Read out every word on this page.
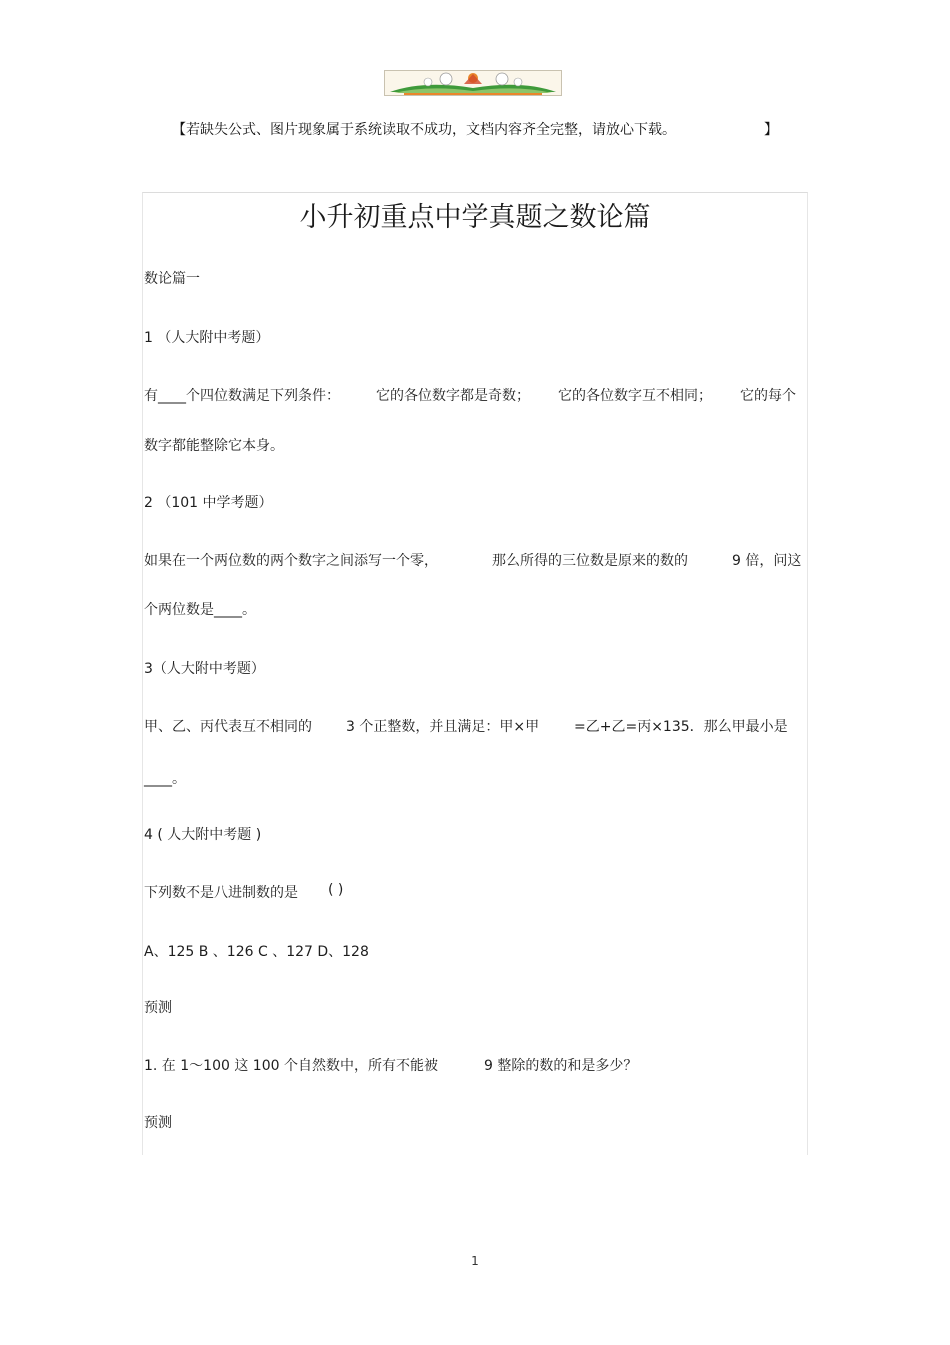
【若缺失公式、图片现象属于系统读取不成功，文档内容齐全完整，请放心下载。	】
小升初重点中学真题之数论篇
数论篇一
1 （人大附中考题）
有____个四位数满足下列条件：	它的各位数字都是奇数； 它的各位数字互不相同； 它的每个
数字都能整除它本身。
2 （101 中学考题）
如果在一个两位数的两个数字之间添写一个零，	那么所得的三位数是原来的数的	9 倍，问这
个两位数是____。
3（人大附中考题）
甲、乙、丙代表互不相同的 3 个正整数，并且满足：甲×甲 =乙+乙=丙×135．那么甲最小是
____。
4 ( 人大附中考题 )
下列数不是八进制数的是 ( )
A、125 B 、126 C 、127 D、128
预测
1. 在 1～100 这 100 个自然数中，所有不能被	9 整除的数的和是多少？
预测
1
